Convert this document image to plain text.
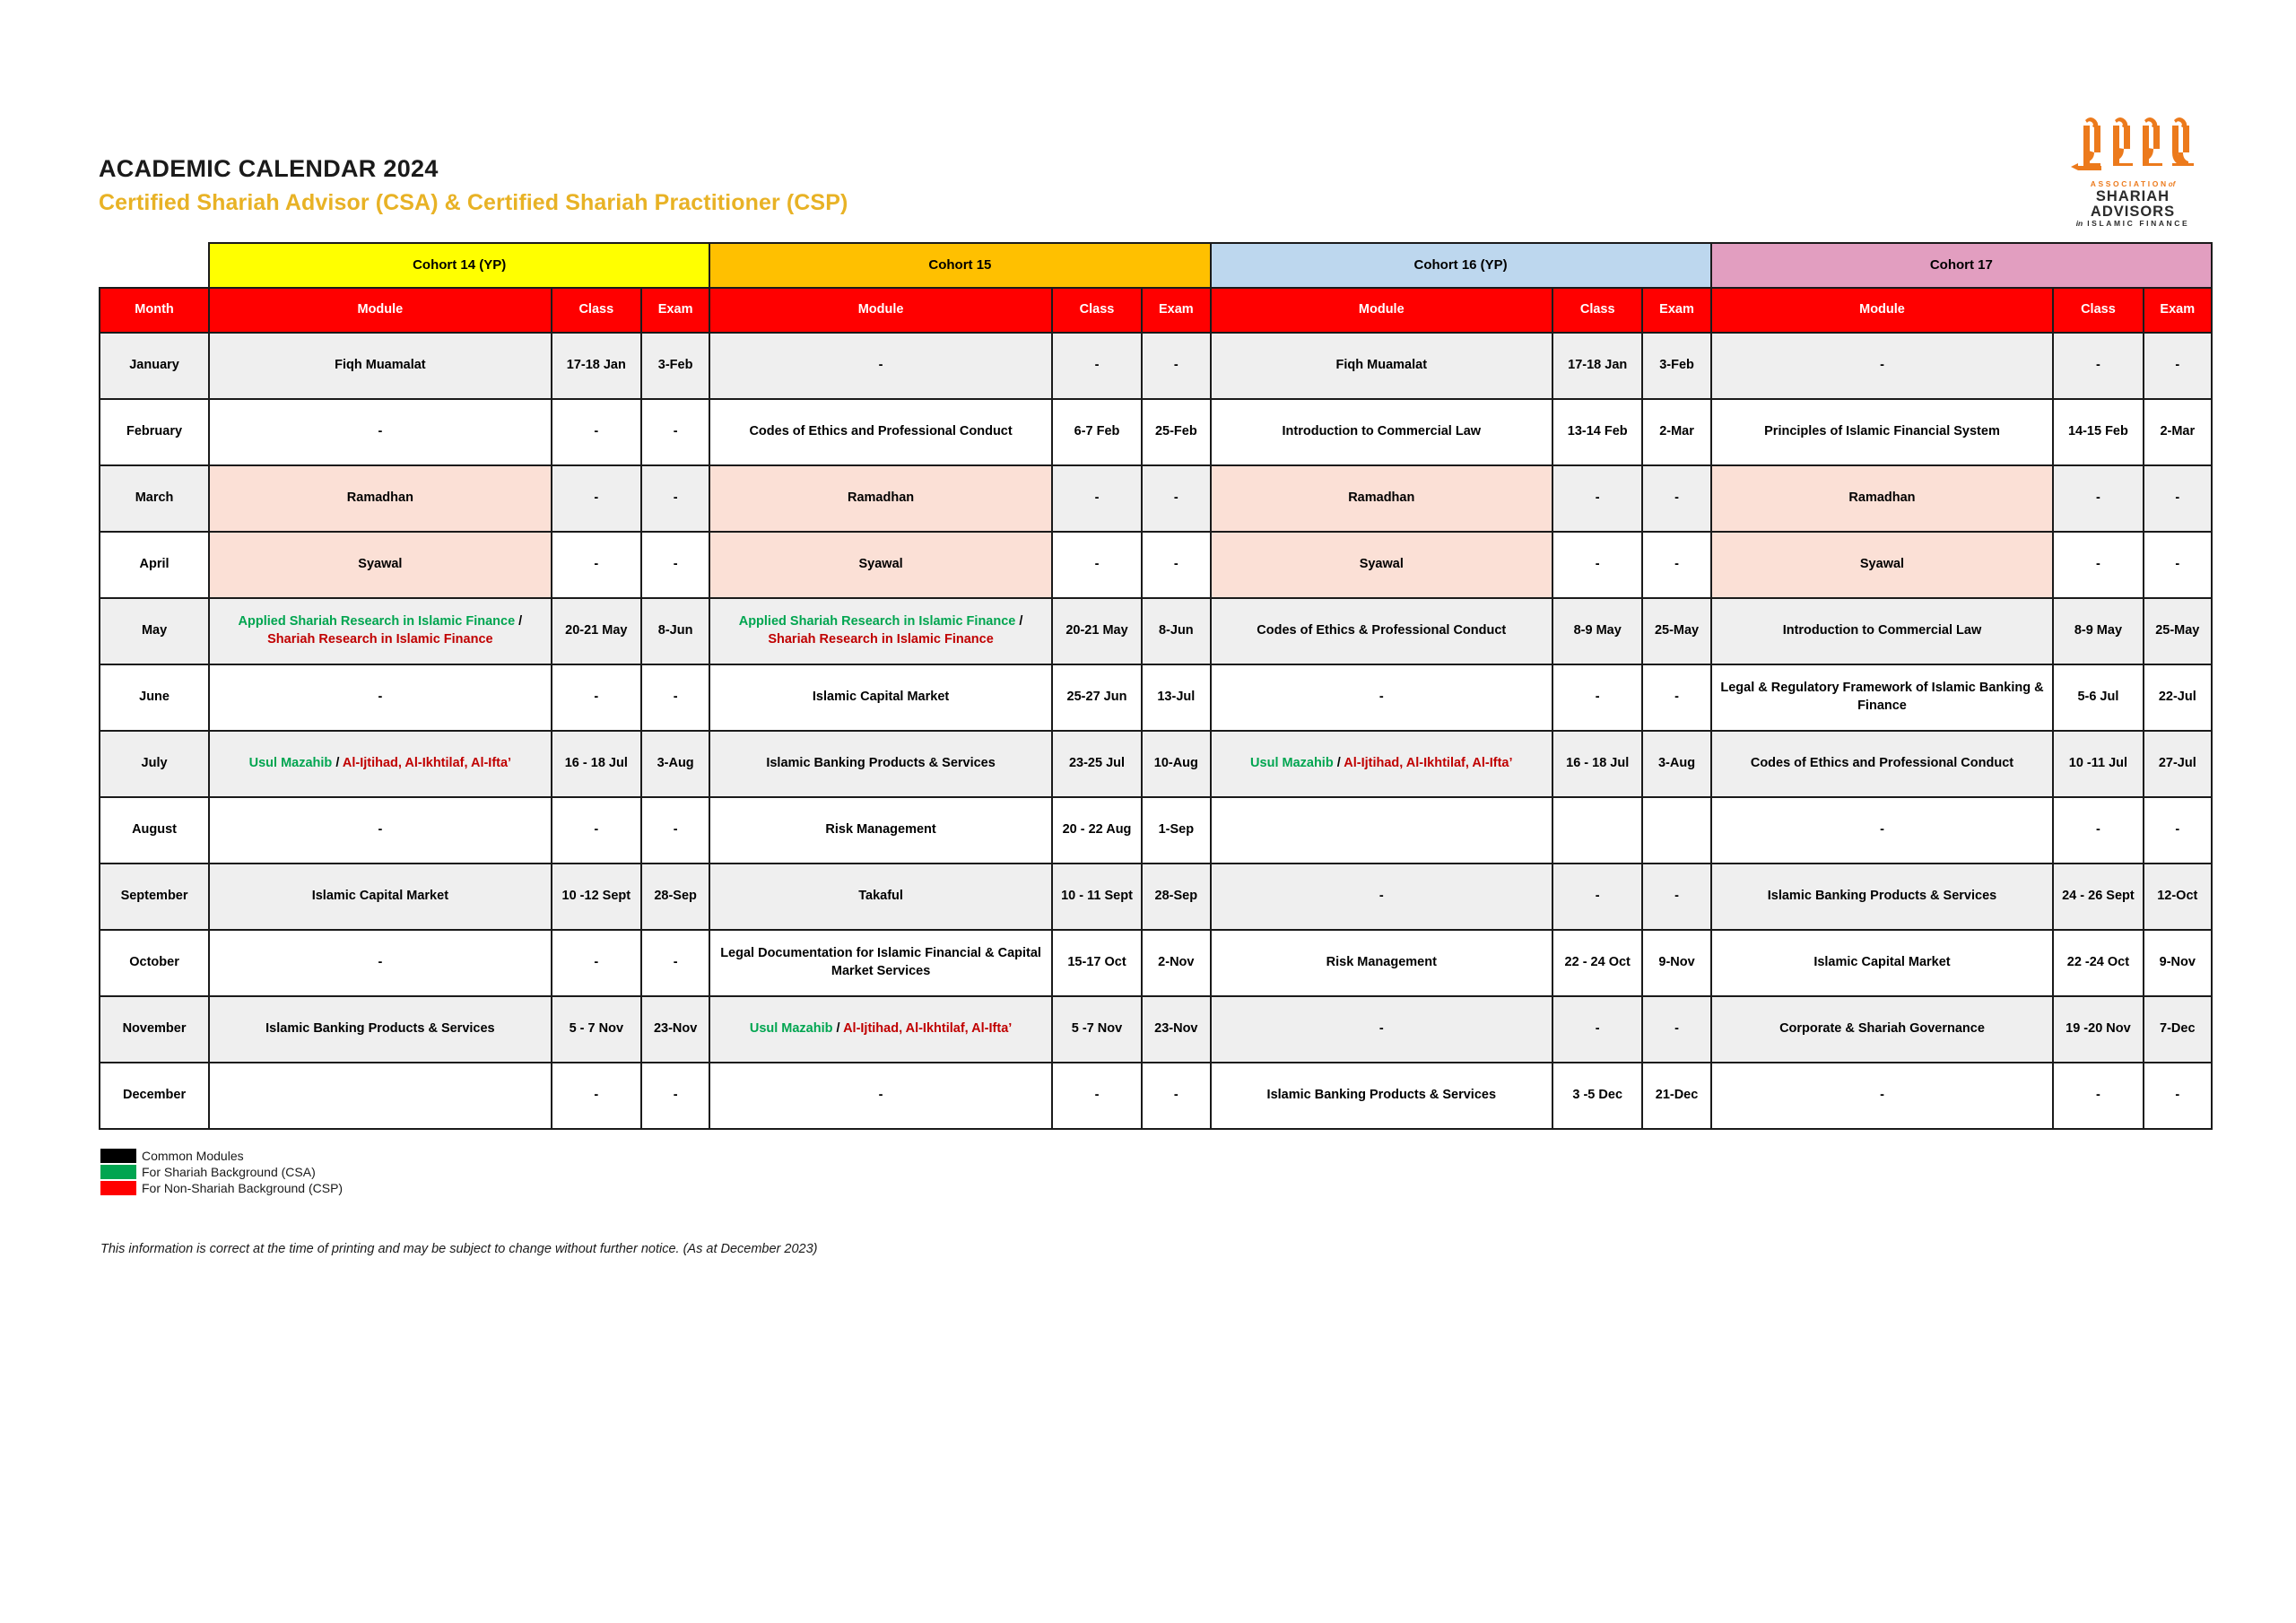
ACADEMIC CALENDAR 2024
Certified Shariah Advisor (CSA) & Certified Shariah Practitioner (CSP)
ASSOCIATIONof
SHARIAH ADVISORS
in ISLAMIC FINANCE
	Cohort 14 (YP)			Cohort 15			Cohort 16 (YP)			Cohort 17		
Month	Module	Class	Exam	Module	Class	Exam	Module	Class	Exam	Module	Class	Exam
January	Fiqh Muamalat	17-18 Jan	3-Feb	-	-	-	Fiqh Muamalat	17-18 Jan	3-Feb	-	-	-
February	-	-	-	Codes of Ethics and Professional Conduct	6-7 Feb	25-Feb	Introduction to Commercial Law	13-14 Feb	2-Mar	Principles of Islamic Financial System	14-15 Feb	2-Mar
March	Ramadhan	-	-	Ramadhan	-	-	Ramadhan	-	-	Ramadhan	-	-
April	Syawal	-	-	Syawal	-	-	Syawal	-	-	Syawal	-	-
May	Applied Shariah Research in Islamic Finance / Shariah Research in Islamic Finance	20-21 May	8-Jun	Applied Shariah Research in Islamic Finance / Shariah Research in Islamic Finance	20-21 May	8-Jun	Codes of Ethics & Professional Conduct	8-9 May	25-May	Introduction to Commercial Law	8-9 May	25-May
June	-	-	-	Islamic Capital Market	25-27 Jun	13-Jul	-	-	-	Legal & Regulatory Framework of Islamic Banking & Finance	5-6 Jul	22-Jul
July	Usul Mazahib / Al-Ijtihad, Al-Ikhtilaf, Al-Ifta’	16 - 18 Jul	3-Aug	Islamic Banking Products & Services	23-25 Jul	10-Aug	Usul Mazahib / Al-Ijtihad, Al-Ikhtilaf, Al-Ifta’	16 - 18 Jul	3-Aug	Codes of Ethics and Professional Conduct	10 -11 Jul	27-Jul
August	-	-	-	Risk Management	20 - 22 Aug	1-Sep				-	-	-
September	Islamic Capital Market	10 -12 Sept	28-Sep	Takaful	10 - 11 Sept	28-Sep	-	-	-	Islamic Banking Products & Services	24 - 26 Sept	12-Oct
October	-	-	-	Legal Documentation for Islamic Financial & Capital Market Services	15-17 Oct	2-Nov	Risk Management	22 - 24 Oct	9-Nov	Islamic Capital Market	22 -24 Oct	9-Nov
November	Islamic Banking Products & Services	5 - 7 Nov	23-Nov	Usul Mazahib / Al-Ijtihad, Al-Ikhtilaf, Al-Ifta’	5 -7 Nov	23-Nov	-	-	-	Corporate & Shariah Governance	19 -20 Nov	7-Dec
December		-	-	-	-	-	Islamic Banking Products & Services	3 -5 Dec	21-Dec	-	-	-
Common Modules
For Shariah Background (CSA)
For Non-Shariah Background (CSP)
This information is correct at the time of printing and may be subject to change without further notice. (As at December 2023)
